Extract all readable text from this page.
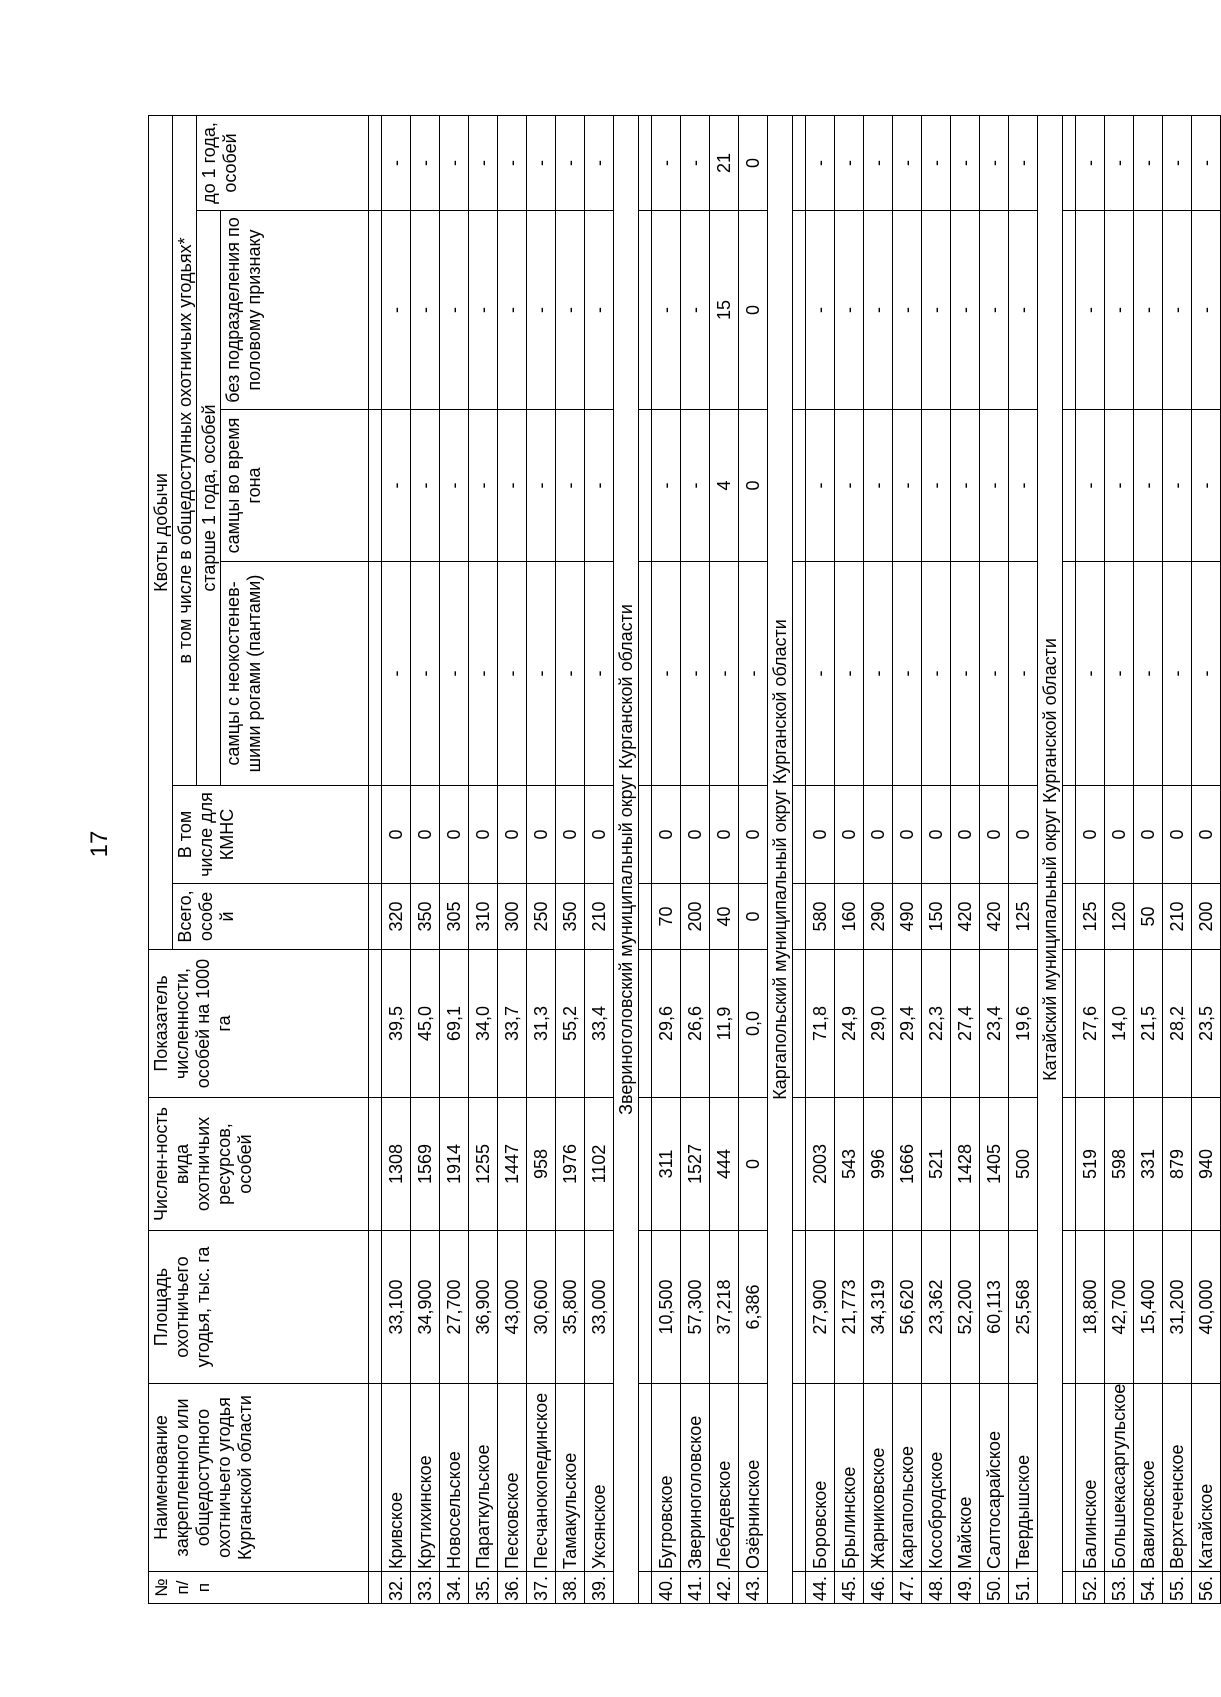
17
№ п/п	Наименование закрепленного или общедоступного охотничьего угодья Курганской области	Площадь охотничьего угодья, тыс. га	Числен-ность вида охотничьих ресурсов, особей	Показатель численности, особей на 1000 га	Квоты добычи					
					Всего, особе й	В том числе для КМНС	в том числе в общедоступных охотничьих угодьях*			
							старше 1 года, особей			до 1 года, особей
							самцы с неокостенев-шими рогами (пантами)	самцы во время гона	без подразделения по половому признаку	

32.	Кривское	33,100	1308	39,5	320	0	-	-	-	-
33.	Крутихинское	34,900	1569	45,0	350	0	-	-	-	-
34.	Новосельское	27,700	1914	69,1	305	0	-	-	-	-
35.	Параткульское	36,900	1255	34,0	310	0	-	-	-	-
36.	Песковское	43,000	1447	33,7	300	0	-	-	-	-
37.	Песчанокопединское	30,600	958	31,3	250	0	-	-	-	-
38.	Тамакульское	35,800	1976	55,2	350	0	-	-	-	-
39.	Уксянское	33,000	1102	33,4	210	0	-	-	-	-
Звериноголовский муниципальный округ Курганской области										

40.	Бугровское	10,500	311	29,6	70	0	-	-	-	-
41.	Звериноголовское	57,300	1527	26,6	200	0	-	-	-	-
42.	Лебедевское	37,218	444	11,9	40	0	-	4	15	21
43.	Озёрнинское	6,386	0	0,0	0	0	-	0	0	0
Каргапольский муниципальный округ Курганской области										

44.	Боровское	27,900	2003	71,8	580	0	-	-	-	-
45.	Брылинское	21,773	543	24,9	160	0	-	-	-	-
46.	Жарниковское	34,319	996	29,0	290	0	-	-	-	-
47.	Каргапольское	56,620	1666	29,4	490	0	-	-	-	-
48.	Кособродское	23,362	521	22,3	150	0	-	-	-	-
49.	Майское	52,200	1428	27,4	420	0	-	-	-	-
50.	Салтосарайское	60,113	1405	23,4	420	0	-	-	-	-
51.	Твердышское	25,568	500	19,6	125	0	-	-	-	-
Катайский муниципальный округ Курганской области										

52.	Балинское	18,800	519	27,6	125	0	-	-	-	-
53.	Большекасаргульское	42,700	598	14,0	120	0	-	-	-	-
54.	Вавиловское	15,400	331	21,5	50	0	-	-	-	-
55.	Верхтеченское	31,200	879	28,2	210	0	-	-	-	-
56.	Катайское	40,000	940	23,5	200	0	-	-	-	-
